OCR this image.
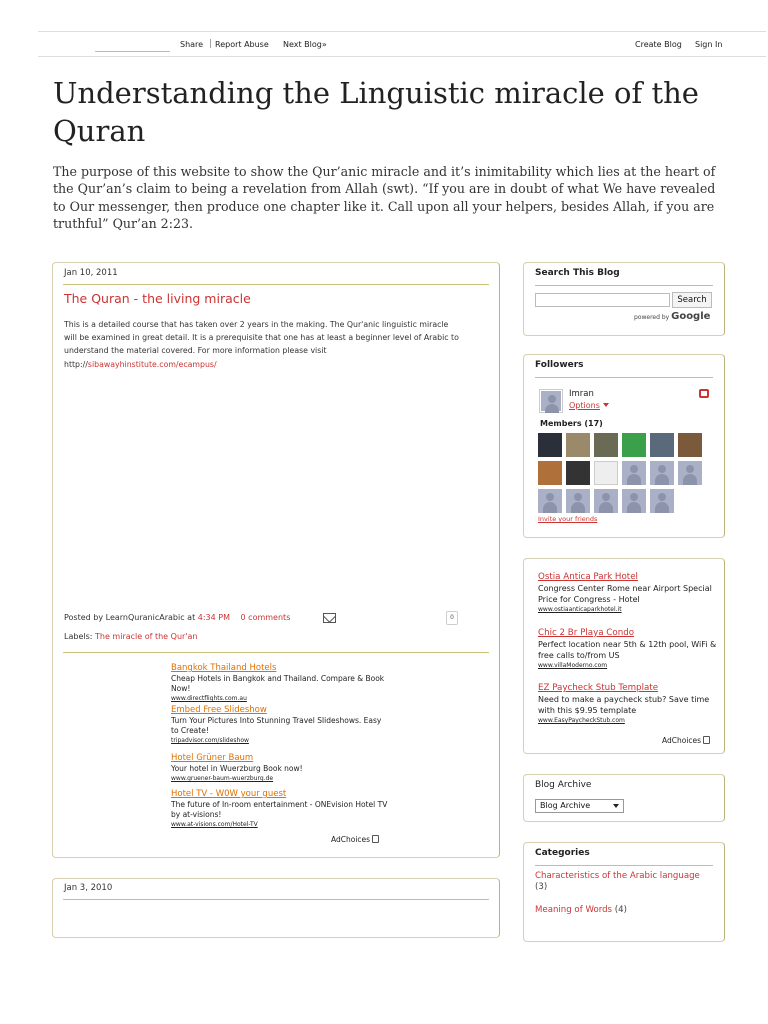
|
Share Report Abuse Next Blog»	Create Blog Sign In
Understanding the Linguistic miracle of the Quran

The purpose of this website to show the Qur’anic miracle and it’s inimitability which lies at the heart of the Qur’an’s claim to being a revelation from Allah (swt). “If you are in doubt of what We have revealed to Our messenger, then produce one chapter like it. Call upon all your helpers, besides Allah, if you are truthful” Qur’an 2:23.

Jan 10, 2011
The Quran - the living miracle
This is a detailed course that has taken over 2 years in the making. The Qur'anic linguistic miracle will be examined in great detail. It is a prerequisite that one has at least a beginner level of Arabic to understand the material covered. For more information please visit
http://sibawayhinstitute.com/ecampus/
Posted by LearnQuranicArabic at 4:34 PM 0 comments	0
Labels: The miracle of the Qur'an
Bangkok Thailand Hotels
Cheap Hotels in Bangkok and Thailand. Compare & Book Now!
www.directflights.com.au
Embed Free Slideshow
Turn Your Pictures Into Stunning Travel Slideshows. Easy to Create!
tripadvisor.com/slideshow
Hotel Grüner Baum
Your hotel in Wuerzburg Book now!
www.gruener-baum-wuerzburg.de
Hotel TV - W0W your guest
The future of In-room entertainment - ONEvision Hotel TV by at-visions!
www.at-visions.com/Hotel-TV
AdChoices
Jan 3, 2010
Search This Blog
Search
powered by Google
Followers
Imran
Options
Members (17)
Invite your friends
Ostia Antica Park Hotel
Congress Center Rome near Airport Special Price for Congress - Hotel
www.ostiaanticaparkhotel.it
Chic 2 Br Playa Condo
Perfect location near 5th & 12th pool, WiFi & free calls to/from US
www.villaModerno.com
EZ Paycheck Stub Template
Need to make a paycheck stub? Save time with this $9.95 template
www.EasyPaycheckStub.com
AdChoices
Blog Archive
Blog Archive
Categories
Characteristics of the Arabic language
(3)
Meaning of Words (4)
